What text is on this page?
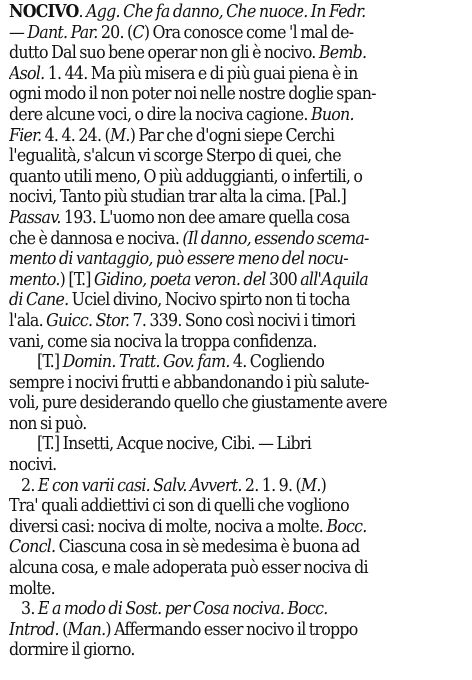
NOCIVO. Agg. Che fa danno, Che nuoce. In Fedr.
— Dant. Par. 20. (C) Ora conosce come 'l mal de-
dutto Dal suo bene operar non gli è nocivo. Bemb.
Asol. 1. 44. Ma più misera e di più guai piena è in
ogni modo il non poter noi nelle nostre doglie span-
dere alcune voci, o dire la nociva cagione. Buon.
Fier. 4. 4. 24. (M.) Par che d'ogni siepe Cerchi
l'egualità, s'alcun vi scorge Sterpo di quei, che
quanto utili meno, O più adduggianti, o infertili, o
nocivi, Tanto più studian trar alta la cima. [Pal.]
Passav. 193. L'uomo non dee amare quella cosa
che è dannosa e nociva. (Il danno, essendo scema-
mento di vantaggio, può essere meno del nocu-
mento.) [T.] Gidino, poeta veron. del 300 all'Aquila
di Cane. Uciel divino, Nocivo spirto non ti tocha
l'ala. Guicc. Stor. 7. 339. Sono così nocivi i timori
vani, come sia nociva la troppa confidenza.
[T.] Domin. Tratt. Gov. fam. 4. Cogliendo
sempre i nocivi frutti e abbandonando i più salute-
voli, pure desiderando quello che giustamente avere
non si può.
[T.] Insetti, Acque nocive, Cibi. — Libri
nocivi.
2. E con varii casi. Salv. Avvert. 2. 1. 9. (M.)
Tra' quali addiettivi ci son di quelli che vogliono
diversi casi: nociva di molte, nociva a molte. Bocc.
Concl. Ciascuna cosa in sè medesima è buona ad
alcuna cosa, e male adoperata può esser nociva di
molte.
3. E a modo di Sost. per Cosa nociva. Bocc.
Introd. (Man.) Affermando esser nocivo il troppo
dormire il giorno.
